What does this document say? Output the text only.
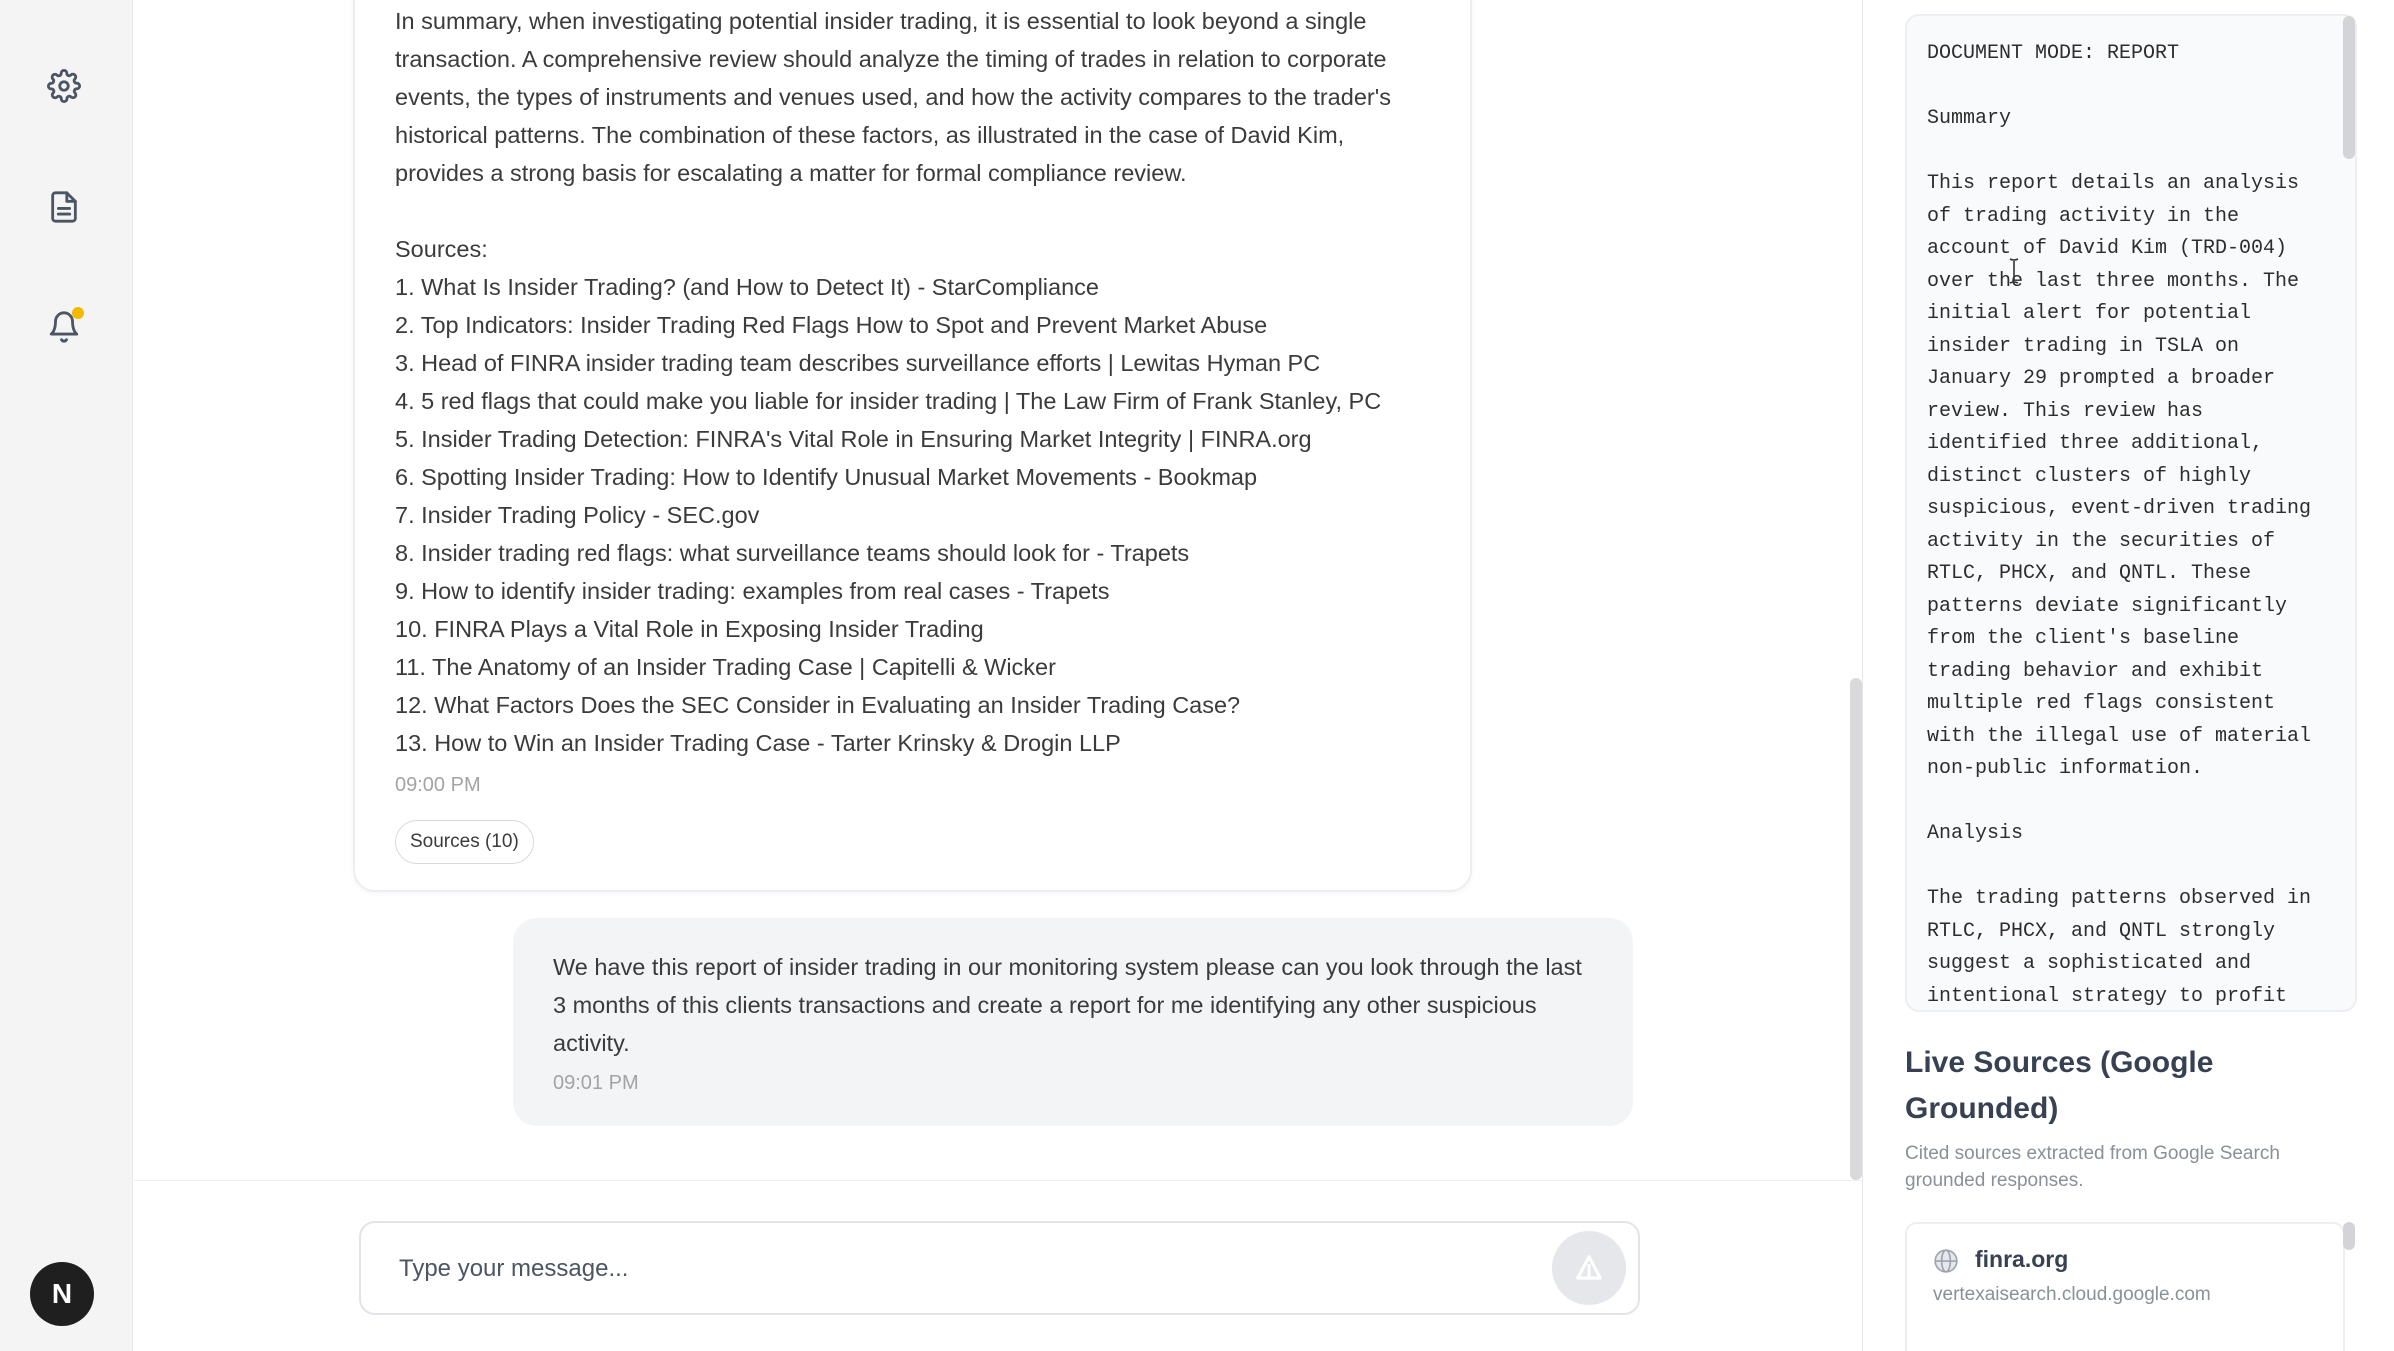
N

In summary, when investigating potential insider trading, it is essential to look beyond a single transaction. A comprehensive review should analyze the timing of trades in relation to corporate events, the types of instruments and venues used, and how the activity compares to the trader's historical patterns. The combination of these factors, as illustrated in the case of David Kim, provides a strong basis for escalating a matter for formal compliance review.

Sources:
1. What Is Insider Trading? (and How to Detect It) - StarCompliance
2. Top Indicators: Insider Trading Red Flags How to Spot and Prevent Market Abuse
3. Head of FINRA insider trading team describes surveillance efforts | Lewitas Hyman PC
4. 5 red flags that could make you liable for insider trading | The Law Firm of Frank Stanley, PC
5. Insider Trading Detection: FINRA's Vital Role in Ensuring Market Integrity | FINRA.org
6. Spotting Insider Trading: How to Identify Unusual Market Movements - Bookmap
7. Insider Trading Policy - SEC.gov
8. Insider trading red flags: what surveillance teams should look for - Trapets
9. How to identify insider trading: examples from real cases - Trapets
10. FINRA Plays a Vital Role in Exposing Insider Trading
11. The Anatomy of an Insider Trading Case | Capitelli & Wicker
12. What Factors Does the SEC Consider in Evaluating an Insider Trading Case?
13. How to Win an Insider Trading Case - Tarter Krinsky & Drogin LLP
09:00 PM
Sources (10)

We have this report of insider trading in our monitoring system please can you look through the last 3 months of this clients transactions and create a report for me identifying any other suspicious activity.

09:01 PM
Type your message...
DOCUMENT MODE: REPORT

Summary

This report details an analysis
of trading activity in the
account of David Kim (TRD-004)
over the last three months. The
initial alert for potential
insider trading in TSLA on
January 29 prompted a broader
review. This review has
identified three additional,
distinct clusters of highly
suspicious, event-driven trading
activity in the securities of
RTLC, PHCX, and QNTL. These
patterns deviate significantly
from the client's baseline
trading behavior and exhibit
multiple red flags consistent
with the illegal use of material
non-public information.

Analysis

The trading patterns observed in
RTLC, PHCX, and QNTL strongly
suggest a sophisticated and
intentional strategy to profit
Live Sources (Google Grounded)
Cited sources extracted from Google Search grounded responses.
finra.org
vertexaisearch.cloud.google.com
